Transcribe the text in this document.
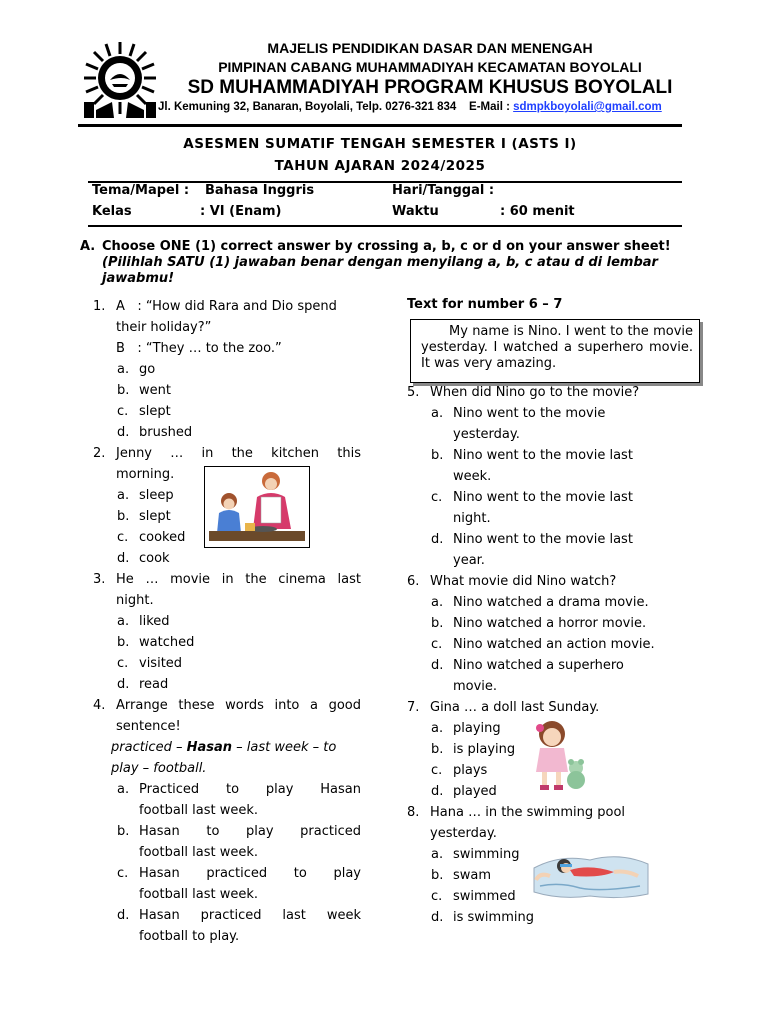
MAJELIS PENDIDIKAN DASAR DAN MENENGAH
PIMPINAN CABANG MUHAMMADIYAH KECAMATAN BOYOLALI
SD MUHAMMADIYAH PROGRAM KHUSUS BOYOLALI
Jl. Kemuning 32, Banaran, Boyolali, Telp. 0276-321 834 E-Mail : sdmpkboyolali@gmail.com
ASESMEN SUMATIF TENGAH SEMESTER I (ASTS I)
TAHUN AJARAN 2024/2025
Tema/Mapel : Bahasa Inggris	Hari/Tanggal :
Kelas	: VI (Enam)	Waktu	: 60 menit
A. Choose ONE (1) correct answer by crossing a, b, c or d on your answer sheet! (Pilihlah SATU (1) jawaban benar dengan menyilang a, b, c atau d di lembar jawabmu!
1. A : “How did Rara and Dio spend
their holiday?”
B : “They … to the zoo.”
a. go
b. went
c. slept
d. brushed
2. Jenny … in the kitchen this
morning.
a. sleep
b. slept
c. cooked
d. cook
3. He … movie in the cinema last
night.
a. liked
b. watched
c. visited
d. read
4. Arrange these words into a good
sentence!
practiced – Hasan – last week – to
play – football.
a. Practiced to play Hasan
football last week.
b. Hasan to play practiced
football last week.
c. Hasan practiced to play
football last week.
d. Hasan practiced last week
football to play.
Text for number 6 – 7
My name is Nino. I went to the movie yesterday. I watched a superhero movie. It was very amazing.
5. When did Nino go to the movie?
a. Nino went to the movie
yesterday.
b. Nino went to the movie last
week.
c. Nino went to the movie last
night.
d. Nino went to the movie last
year.
6. What movie did Nino watch?
a. Nino watched a drama movie.
b. Nino watched a horror movie.
c. Nino watched an action movie.
d. Nino watched a superhero
movie.
7. Gina … a doll last Sunday.
a. playing
b. is playing
c. plays
d. played
8. Hana … in the swimming pool
yesterday.
a. swimming
b. swam
c. swimmed
d. is swimming
